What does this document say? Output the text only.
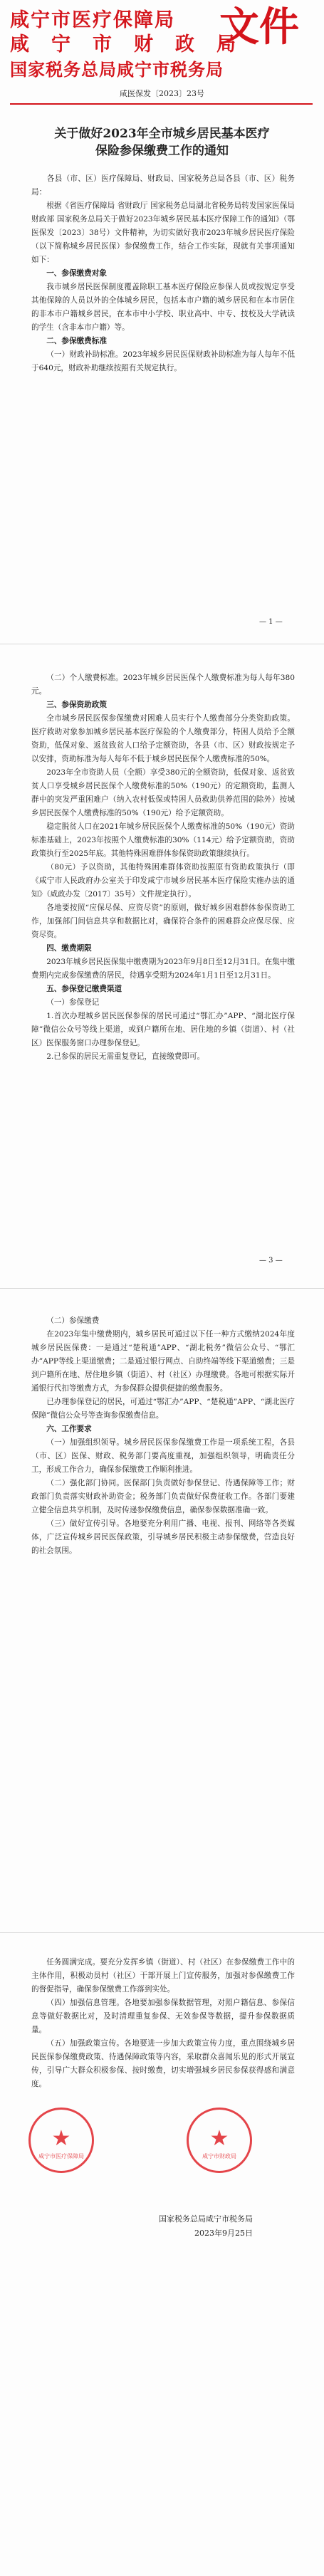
咸宁市医疗保障局
咸　宁　市　财　政　局
文件
国家税务总局咸宁市税务局
咸医保发〔2023〕23号
关于做好2023年全市城乡居民基本医疗
保险参保缴费工作的通知

　　各县（市、区）医疗保障局、财政局、国家税务总局各县（市、区）税务局：

根据《省医疗保障局 省财政厅 国家税务总局湖北省税务局转发国家医保局 财政部 国家税务总局关于做好2023年城乡居民基本医疗保障工作的通知》（鄂医保发〔2023〕38号）文件精神，为切实做好我市2023年城乡居民医疗保险（以下简称城乡居民医保）参保缴费工作，结合工作实际，现就有关事项通知如下：

一、参保缴费对象

我市城乡居民医保制度覆盖除职工基本医疗保险应参保人员或按规定享受其他保障的人员以外的全体城乡居民，包括本市户籍的城乡居民和在本市居住的非本市户籍城乡居民，在本市中小学校、职业高中、中专、技校及大学就读的学生（含非本市户籍）等。

二、参保缴费标准

（一）财政补助标准。2023年城乡居民医保财政补助标准为每人每年不低于640元，财政补助继续按照有关规定执行。

— 1 —

（二）个人缴费标准。2023年城乡居民医保个人缴费标准为每人每年380元。

三、参保资助政策

全市城乡居民医保参保缴费对困难人员实行个人缴费部分分类资助政策。医疗救助对象参加城乡居民基本医疗保险的个人缴费部分，特困人员给予全额资助，低保对象、返贫致贫人口给予定额资助，各县（市、区）财政按规定予以安排，资助标准为每人每年不低于城乡居民医保个人缴费标准的50%。

2023年全市资助人员（全额）享受380元的全额资助，低保对象、返贫致贫人口享受城乡居民医保个人缴费标准的50%（190元）的定额资助，监测人群中的突发严重困难户（纳入农村低保或特困人员救助供养范围的除外）按城乡居民医保个人缴费标准的50%（190元）给予定额资助。

稳定脱贫人口在2021年城乡居民医保个人缴费标准的50%（190元）资助标准基础上，2023年按照个人缴费标准的30%（114元）给予定额资助，资助政策执行至2025年底。其他特殊困难群体参保资助政策继续执行。

（80元）予以资助，其他特殊困难群体资助按照原有资助政策执行（即《咸宁市人民政府办公室关于印发咸宁市城乡居民基本医疗保险实施办法的通知》（咸政办发〔2017〕35号）文件规定执行）。

各地要按照“应保尽保、应资尽资”的原则，做好城乡困难群体参保资助工作，加强部门间信息共享和数据比对，确保符合条件的困难群众应保尽保、应资尽资。

四、缴费期限

2023年城乡居民医保集中缴费期为2023年9月8日至12月31日。在集中缴费期内完成参保缴费的居民，待遇享受期为2024年1月1日至12月31日。

五、参保登记缴费渠道

（一）参保登记

1.首次办理城乡居民医保参保的居民可通过“鄂汇办”APP、“湖北医疗保障”微信公众号等线上渠道，或到户籍所在地、居住地的乡镇（街道）、村（社区）医保服务窗口办理参保登记。

2.已参保的居民无需重复登记，直接缴费即可。

— 3 —

（二）参保缴费

在2023年集中缴费期内，城乡居民可通过以下任一种方式缴纳2024年度城乡居民医保费：一是通过“楚税通”APP、“湖北税务”微信公众号、“鄂汇办”APP等线上渠道缴费；二是通过银行网点、自助终端等线下渠道缴费；三是到户籍所在地、居住地乡镇（街道）、村（社区）办理缴费。各地可根据实际开通银行代扣等缴费方式，为参保群众提供便捷的缴费服务。

已办理参保登记的居民，可通过“鄂汇办”APP、“楚税通”APP、“湖北医疗保障”微信公众号等查询参保缴费信息。

六、工作要求

（一）加强组织领导。城乡居民医保参保缴费工作是一项系统工程，各县（市、区）医保、财政、税务部门要高度重视，加强组织领导，明确责任分工，形成工作合力，确保参保缴费工作顺利推进。

（二）强化部门协同。医保部门负责做好参保登记、待遇保障等工作；财政部门负责落实财政补助资金；税务部门负责做好保费征收工作。各部门要建立健全信息共享机制，及时传递参保缴费信息，确保参保数据准确一致。

（三）做好宣传引导。各地要充分利用广播、电视、报刊、网络等各类媒体，广泛宣传城乡居民医保政策，引导城乡居民积极主动参保缴费，营造良好的社会氛围。

任务圆满完成。要充分发挥乡镇（街道）、村（社区）在参保缴费工作中的主体作用，积极动员村（社区）干部开展上门宣传服务，加强对参保缴费工作的督促指导，确保参保缴费工作落到实处。

（四）加强信息管理。各地要加强参保数据管理，对照户籍信息、参保信息等做好数据比对，及时清理重复参保、无效参保等数据，提升参保数据质量。

（五）加强政策宣传。各地要进一步加大政策宣传力度，重点围绕城乡居民医保参保缴费政策、待遇保障政策等内容，采取群众喜闻乐见的形式开展宣传，引导广大群众积极参保、按时缴费，切实增强城乡居民参保获得感和满意度。

★
咸宁市医疗保障局
★
咸宁市财政局
国家税务总局咸宁市税务局
2023年9月25日
